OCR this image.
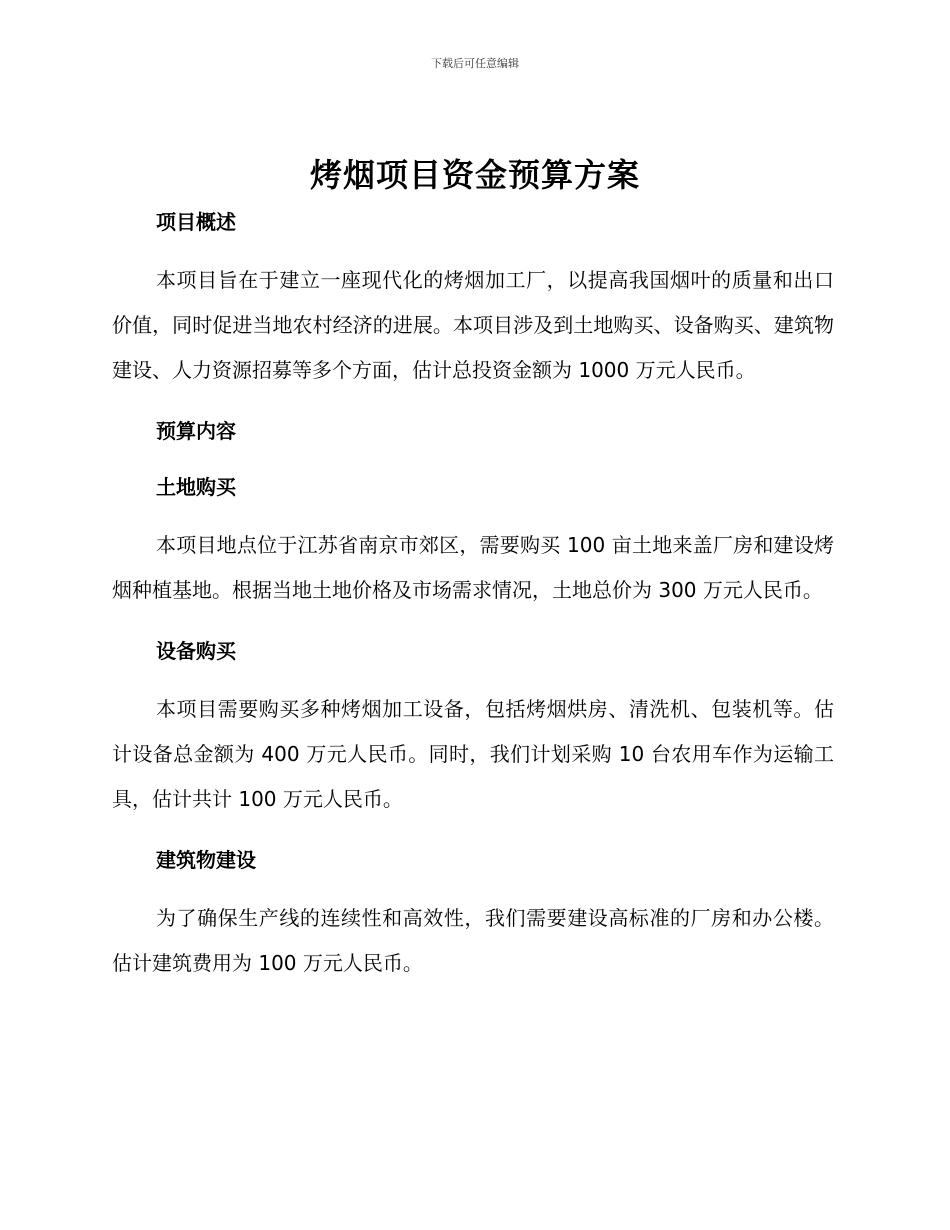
下载后可任意编辑
烤烟项目资金预算方案

项目概述

本项目旨在于建立一座现代化的烤烟加工厂，以提高我国烟叶的质量和出口价值，同时促进当地农村经济的进展。本项目涉及到土地购买、设备购买、建筑物建设、人力资源招募等多个方面，估计总投资金额为 1000 万元人民币。

预算内容

土地购买

本项目地点位于江苏省南京市郊区，需要购买 100 亩土地来盖厂房和建设烤烟种植基地。根据当地土地价格及市场需求情况，土地总价为 300 万元人民币。

设备购买

本项目需要购买多种烤烟加工设备，包括烤烟烘房、清洗机、包装机等。估计设备总金额为 400 万元人民币。同时，我们计划采购 10 台农用车作为运输工具，估计共计 100 万元人民币。

建筑物建设

为了确保生产线的连续性和高效性，我们需要建设高标准的厂房和办公楼。估计建筑费用为 100 万元人民币。
